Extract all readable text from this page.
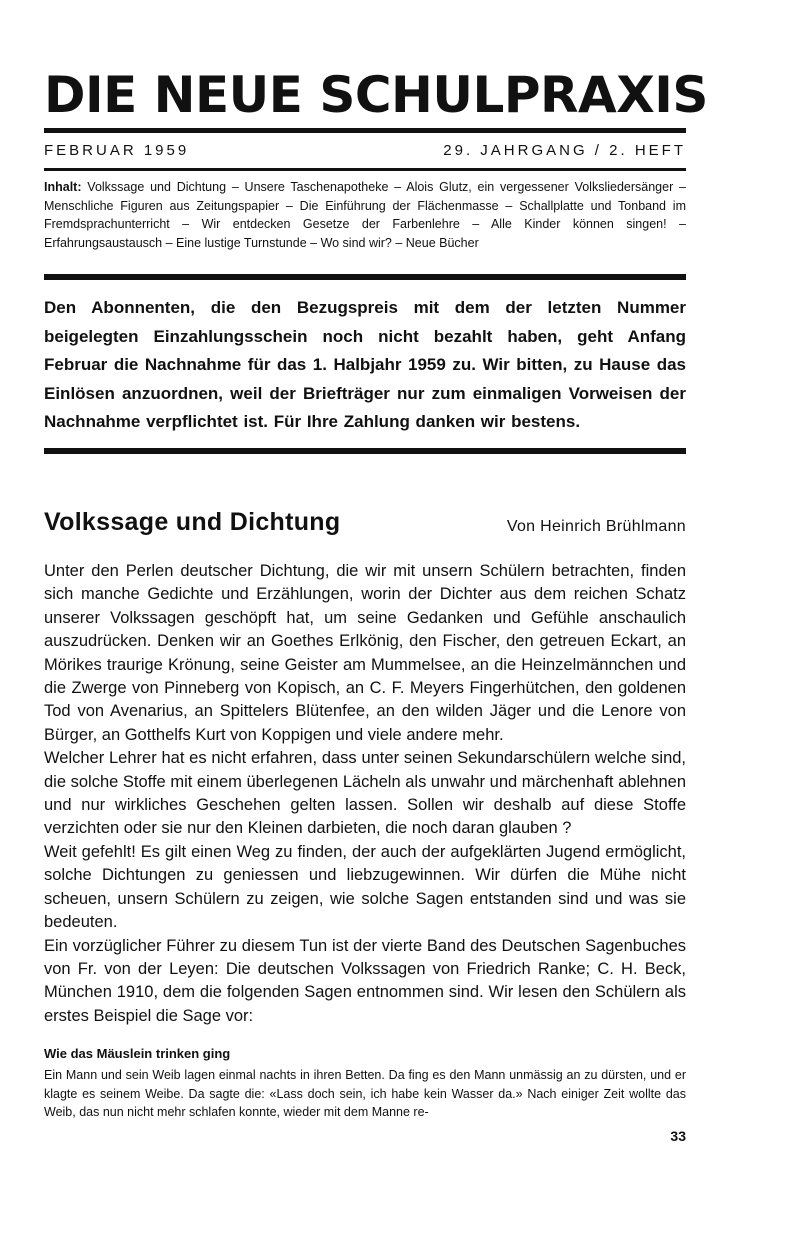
DIE NEUE SCHULPRAXIS
FEBRUAR 1959	29. JAHRGANG / 2. HEFT
Inhalt: Volkssage und Dichtung – Unsere Taschenapotheke – Alois Glutz, ein vergessener Volksliedersänger – Menschliche Figuren aus Zeitungspapier – Die Einführung der Flächenmasse – Schallplatte und Tonband im Fremdsprachunterricht – Wir entdecken Gesetze der Farbenlehre – Alle Kinder können singen! – Erfahrungsaustausch – Eine lustige Turnstunde – Wo sind wir? – Neue Bücher
Den Abonnenten, die den Bezugspreis mit dem der letzten Nummer beigelegten Einzahlungsschein noch nicht bezahlt haben, geht Anfang Februar die Nachnahme für das 1. Halbjahr 1959 zu. Wir bitten, zu Hause das Einlösen anzuordnen, weil der Briefträger nur zum einmaligen Vorweisen der Nachnahme verpflichtet ist. Für Ihre Zahlung danken wir bestens.
Volkssage und Dichtung	Von Heinrich Brühlmann

Unter den Perlen deutscher Dichtung, die wir mit unsern Schülern betrachten, finden sich manche Gedichte und Erzählungen, worin der Dichter aus dem reichen Schatz unserer Volkssagen geschöpft hat, um seine Gedanken und Gefühle anschaulich auszudrücken. Denken wir an Goethes Erlkönig, den Fischer, den getreuen Eckart, an Mörikes traurige Krönung, seine Geister am Mummelsee, an die Heinzelmännchen und die Zwerge von Pinneberg von Kopisch, an C. F. Meyers Fingerhütchen, den goldenen Tod von Avenarius, an Spittelers Blütenfee, an den wilden Jäger und die Lenore von Bürger, an Gotthelfs Kurt von Koppigen und viele andere mehr.

Welcher Lehrer hat es nicht erfahren, dass unter seinen Sekundarschülern welche sind, die solche Stoffe mit einem überlegenen Lächeln als unwahr und märchenhaft ablehnen und nur wirkliches Geschehen gelten lassen. Sollen wir deshalb auf diese Stoffe verzichten oder sie nur den Kleinen darbieten, die noch daran glauben ?

Weit gefehlt! Es gilt einen Weg zu finden, der auch der aufgeklärten Jugend ermöglicht, solche Dichtungen zu geniessen und liebzugewinnen. Wir dürfen die Mühe nicht scheuen, unsern Schülern zu zeigen, wie solche Sagen entstanden sind und was sie bedeuten.

Ein vorzüglicher Führer zu diesem Tun ist der vierte Band des Deutschen Sagenbuches von Fr. von der Leyen: Die deutschen Volkssagen von Friedrich Ranke; C. H. Beck, München 1910, dem die folgenden Sagen entnommen sind. Wir lesen den Schülern als erstes Beispiel die Sage vor:

Wie das Mäuslein trinken ging

Ein Mann und sein Weib lagen einmal nachts in ihren Betten. Da fing es den Mann unmässig an zu dürsten, und er klagte es seinem Weibe. Da sagte die: «Lass doch sein, ich habe kein Wasser da.» Nach einiger Zeit wollte das Weib, das nun nicht mehr schlafen konnte, wieder mit dem Manne re-

33
